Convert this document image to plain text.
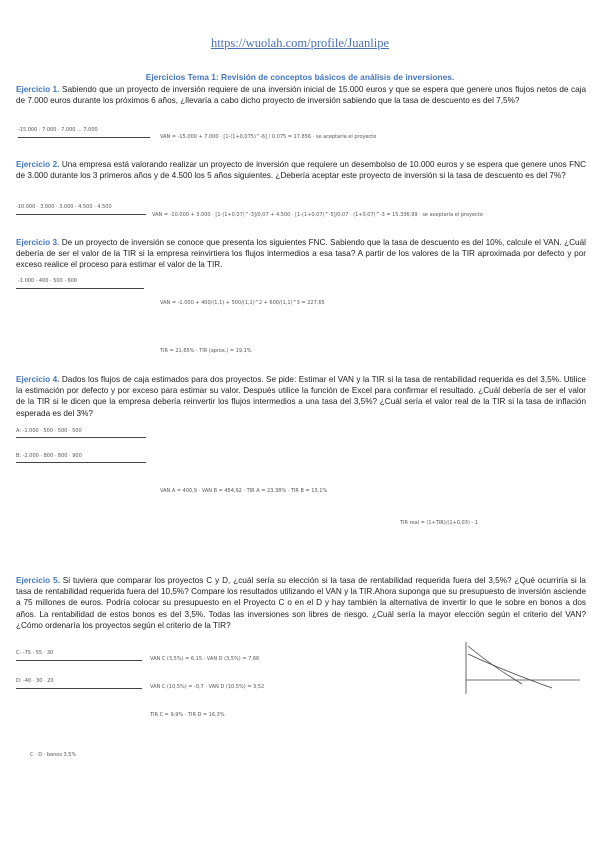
https://wuolah.com/profile/Juanlipe
Ejercicios Tema 1: Revisión de conceptos básicos de análisis de inversiones.
Ejercicio 1. Sabiendo que un proyecto de inversión requiere de una inversión inicial de 15.000 euros y que se espera que genere unos flujos netos de caja de 7.000 euros durante los próximos 6 años, ¿llevaría a cabo dicho proyecto de inversión sabiendo que la tasa de descuento es del 7,5%?
-15.000 · 7.000 · 7.000 ... 7.000
VAN = -15.000 + 7.000 · [1-(1+0,075)^-6] / 0,075 = 17.856 · se aceptaría el proyecto
Ejercicio 2. Una empresa está valorando realizar un proyecto de inversión que requiere un desembolso de 10.000 euros y se espera que genere unos FNC de 3.000 durante los 3 primeros años y de 4.500 los 5 años siguientes. ¿Debería aceptar este proyecto de inversión si la tasa de descuento es del 7%?
-10.000 · 3.000 · 3.000 · 4.500 · 4.500
VAN = -10.000 + 3.000 · [1-(1+0,07)^-3]/0,07 + 4.500 · [1-(1+0,07)^-5]/0,07 · (1+0,07)^-3 = 15.336,99 · se aceptaría el proyecto
Ejercicio 3. De un proyecto de inversión se conoce que presenta los siguientes FNC. Sabiendo que la tasa de descuento es del 10%, calcule el VAN. ¿Cuál debería de ser el valor de la TIR si la empresa reinvirtiera los flujos intermedios a esa tasa? A partir de los valores de la TIR aproximada por defecto y por exceso realice el proceso para estimar el valor de la TIR.
-1.000 · 400 · 500 · 600
VAN = -1.000 + 400/(1,1) + 500/(1,1)^2 + 600/(1,1)^3 = 227,65
TIR = 21,65% · TIR (aprox.) = 19,1%
Ejercicio 4. Dados los flujos de caja estimados para dos proyectos. Se pide: Estimar el VAN y la TIR si la tasa de rentabilidad requerida es del 3,5%. Utilice la estimación por defecto y por exceso para estimar su valor. Después utilice la función de Excel para confirmar el resultado. ¿Cuál debería de ser el valor de la TIR si le dicen que la empresa debería reinvertir los flujos intermedios a una tasa del 3,5%? ¿Cuál sería el valor real de la TIR si la tasa de inflación esperada es del 3%?
A: -1.000 · 500 · 500 · 500
B: -2.000 · 800 · 800 · 900
VAN A = 400,9 · VAN B = 454,92 · TIR A = 23,38% · TIR B = 13,1%
TIR real = (1+TIR)/(1+0,03) - 1
Ejercicio 5. Si tuviera que comparar los proyectos C y D, ¿cuál sería su elección si la tasa de rentabilidad requerida fuera del 3,5%? ¿Qué ocurriría si la tasa de rentabilidad requerida fuera del 10,5%? Compare los resultados utilizando el VAN y la TIR.Ahora suponga que su presupuesto de inversión asciende a 75 millones de euros. Podría colocar su presupuesto en el Proyecto C o en el D y hay también la alternativa de invertir lo que le sobre en bonos a dos años. La rentabilidad de estos bonos es del 3,5%. Todas las inversiones son libres de riesgo. ¿Cuál sería la mayor elección según el criterio del VAN? ¿Cómo ordenaría los proyectos según el criterio de la TIR?
C: -75 · 55 · 30
D: -40 · 30 · 20
VAN C (3,5%) = 6,15 · VAN D (3,5%) = 7,66
VAN C (10,5%) = -0,7 · VAN D (10,5%) = 3,52
TIR C = 9,9% · TIR D = 16,3%
C · D · bonos 3,5%
